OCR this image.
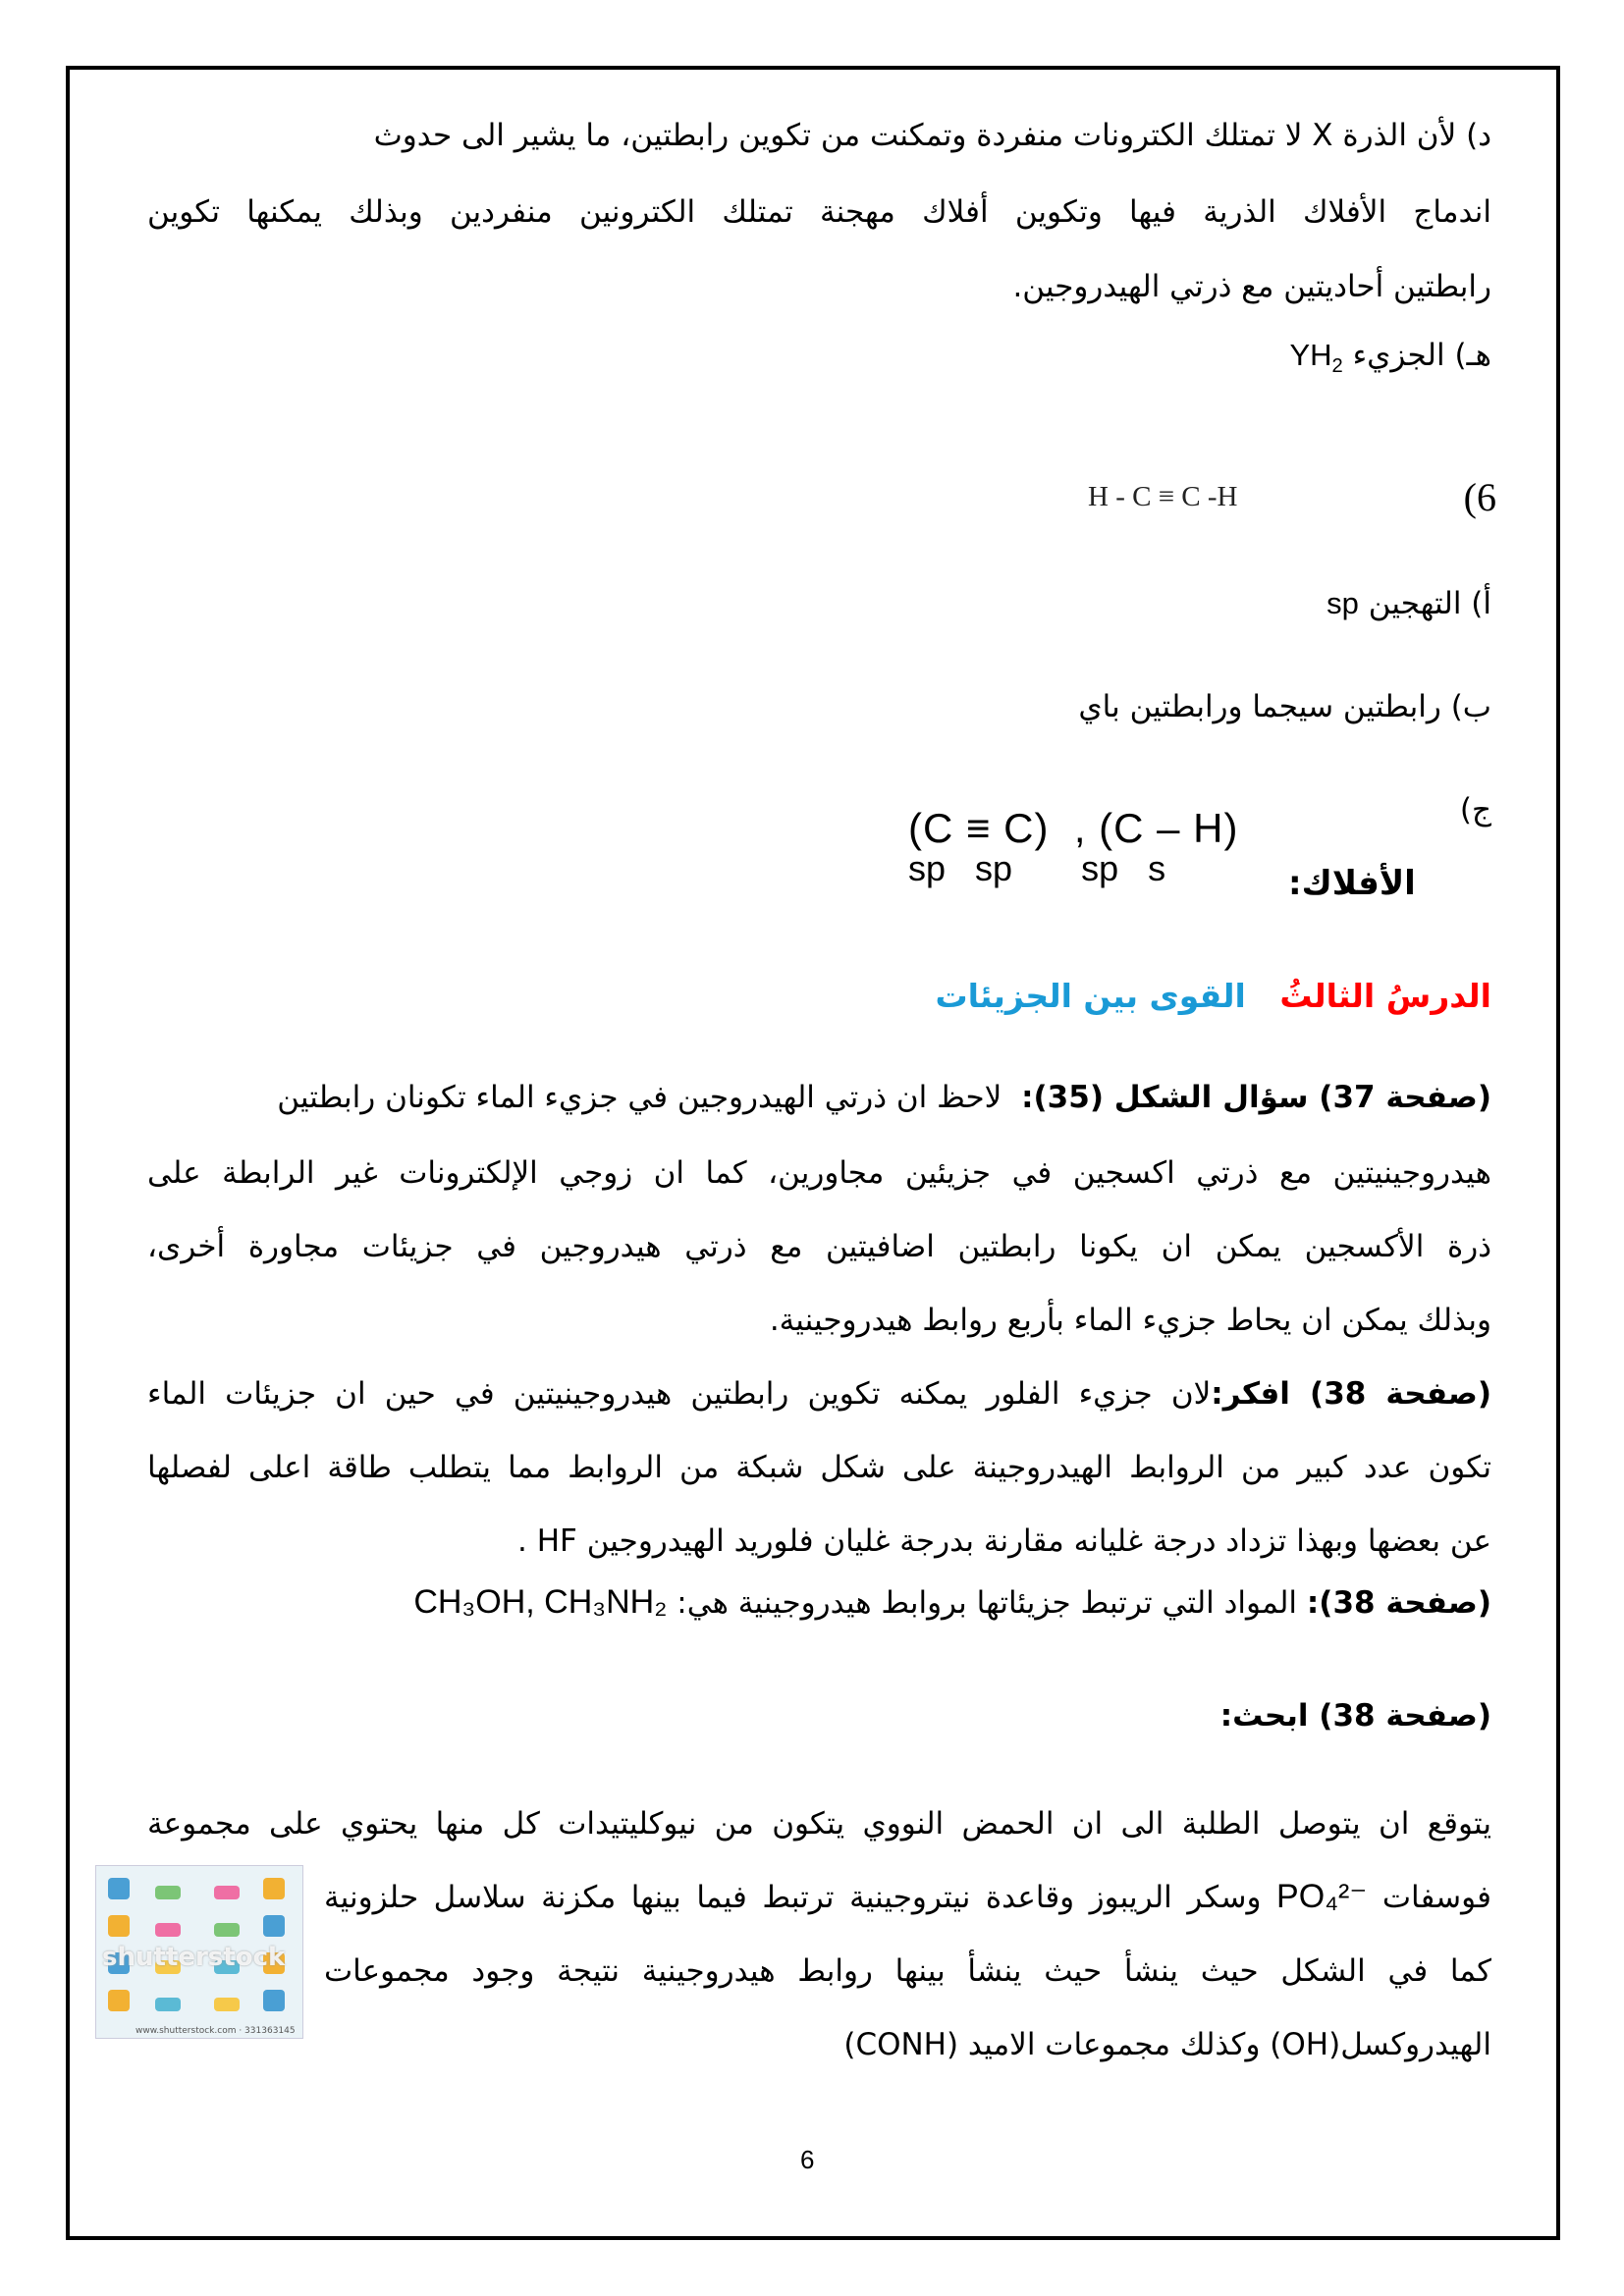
د) لأن الذرة X لا تمتلك الكترونات منفردة وتمكنت من تكوين رابطتين، ما يشير الى حدوث
اندماج الأفلاك الذرية فيها وتكوين أفلاك مهجنة تمتلك الكترونين منفردين وبذلك يمكنها تكوين
رابطتين أحاديتين مع ذرتي الهيدروجين.
هـ) الجزيء $YH_2$
(6
H - C ≡ C -H
أ) التهجين sp
ب) رابطتين سيجما ورابطتين باي
ج)
(C ≡ C)  , (C – H)
sp   sp       sp   s	الأفلاك:
الدرسُ الثالثُ   القوى بين الجزيئات
(صفحة 37) سؤال الشكل (35):  لاحظ ان ذرتي الهيدروجين في جزيء الماء تكونان رابطتين
هيدروجينيتين مع ذرتي اكسجين في جزيئين مجاورين، كما ان زوجي الإلكترونات غير الرابطة على
ذرة الأكسجين يمكن ان يكونا رابطتين اضافيتين مع ذرتي هيدروجين في جزيئات مجاورة أخرى،
وبذلك يمكن ان يحاط جزيء الماء بأربع روابط هيدروجينية.
(صفحة 38) افكر:لان جزيء الفلور يمكنه تكوين رابطتين هيدروجينيتين في حين ان جزيئات الماء
تكون عدد كبير من الروابط الهيدروجينة على شكل شبكة من الروابط مما يتطلب طاقة اعلى لفصلها
عن بعضها وبهذا تزداد درجة غليانه مقارنة بدرجة غليان فلوريد الهيدروجين HF .
(صفحة 38): المواد التي ترتبط جزيئاتها بروابط هيدروجينية هي: CH₃OH, CH₃NH₂
(صفحة 38) ابحث:
يتوقع ان يتوصل الطلبة الى ان الحمض النووي يتكون من نيوكليتيدات كل منها يحتوي على مجموعة
فوسفات PO₄²⁻ وسكر الريبوز وقاعدة نيتروجينية ترتبط فيما بينها مكزنة سلاسل حلزونية
كما في الشكل حيث ينشأ حيث ينشأ بينها روابط هيدروجينية نتيجة وجود مجموعات
الهيدروكسل(OH) وكذلك مجموعات الاميد (CONH)
shutterstock
www.shutterstock.com · 331363145
6
